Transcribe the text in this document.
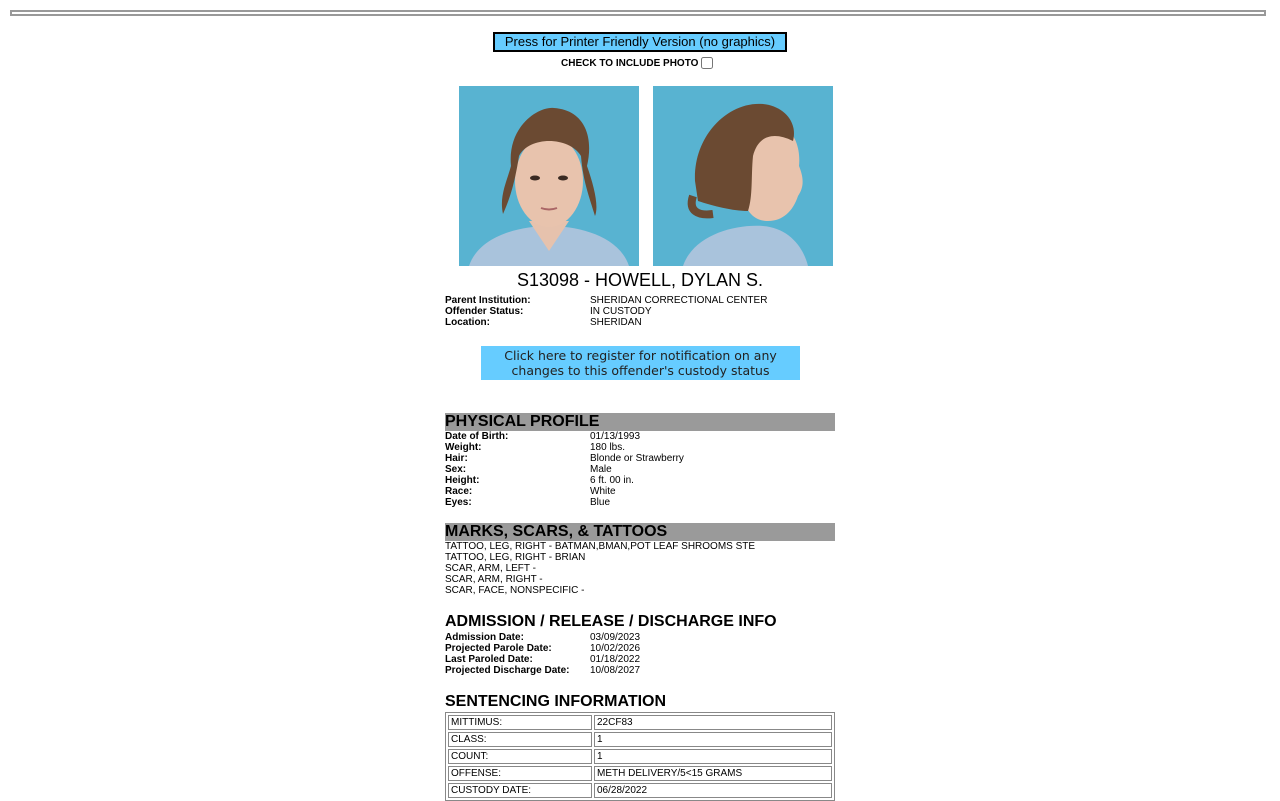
Press for Printer Friendly Version (no graphics)
CHECK TO INCLUDE PHOTO
S13098 - HOWELL, DYLAN S.
Parent Institution:	SHERIDAN CORRECTIONAL CENTER
Offender Status:	IN CUSTODY
Location:	SHERIDAN
Click here to register for notification on any changes to this offender's custody status
PHYSICAL PROFILE
Date of Birth:	01/13/1993
Weight:	180 lbs.
Hair:	Blonde or Strawberry
Sex:	Male
Height:	6 ft. 00 in.
Race:	White
Eyes:	Blue
MARKS, SCARS, & TATTOOS
TATTOO, LEG, RIGHT - BATMAN,BMAN,POT LEAF SHROOMS STE
TATTOO, LEG, RIGHT - BRIAN
SCAR, ARM, LEFT -
SCAR, ARM, RIGHT -
SCAR, FACE, NONSPECIFIC -
ADMISSION / RELEASE / DISCHARGE INFO
Admission Date:	03/09/2023
Projected Parole Date:	10/02/2026
Last Paroled Date:	01/18/2022
Projected Discharge Date:	10/08/2027
SENTENCING INFORMATION
MITTIMUS:	22CF83
CLASS:	1
COUNT:	1
OFFENSE:	METH DELIVERY/5<15 GRAMS
CUSTODY DATE:	06/28/2022
